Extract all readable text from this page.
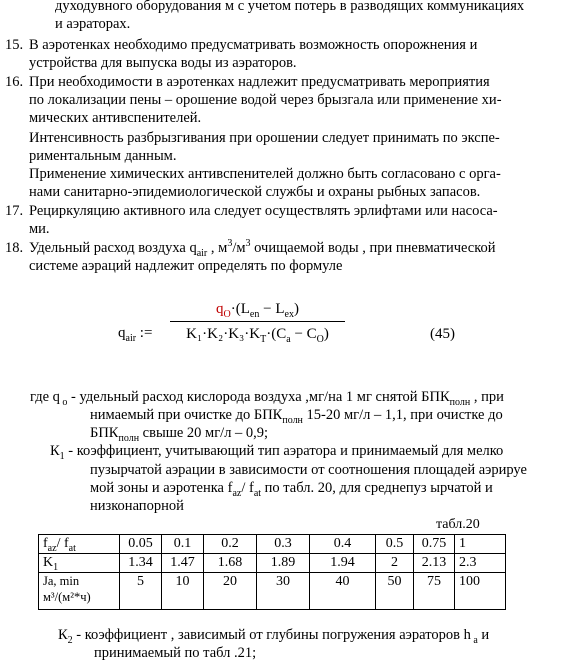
духодувного оборудования м с учетом потерь в разводящих коммуникациях
и аэраторах.
15. В аэротенках необходимо предусматривать возможность опорожнения и
устройства для выпуска воды из аэраторов.
16. При необходимости в аэротенках надлежит предусматривать мероприятия
по локализации пены – орошение водой через брызгала или применение хи-
мических антивспенителей.
Интенсивность разбрызгивания при орошении следует принимать по экспе-
риментальным данным.
Применение химических антивспенителей должно быть согласовано с орга-
нами санитарно-эпидемиологической службы и охраны рыбных запасов.
17. Рециркуляцию активного ила следует осуществлять эрлифтами или насоса-
ми.
18. Удельный расход воздуха $q_{air}$ , $м^3/м^3$ очищаемой воды , при пневматической
системе аэраций надлежит определять по формуле
$q_{air}$ :=
$q_O\cdot(L_{en} - L_{ex})$
$K_1\cdot K_2\cdot K_3\cdot K_T\cdot(C_a - C_O)$	(45)
где q $_о$ - удельный расход кислорода воздуха ,мг/на 1 мг снятой $БПК_{полн}$ , при
нимаемый при очистке до $БПК_{полн}$ 15-20 мг/л – 1,1, при очистке до
$БПК_{полн}$ свыше 20 мг/л – 0,9;
$К_1$ - коэффициент, учитывающий тип аэратора и принимаемый для мелко
пузырчатой аэрации в зависимости от соотношения площадей аэрируе
мой зоны и аэротенка $f_{az}/$ $f_{at}$ по табл. 20, для среднепуз ырчатой и
низконапорной
табл.20
$f_{az}/$ $f_{at}$	0.05	0.1	0.2	0.3	0.4	0.5	0.75	1
$K_1$	1.34	1.47	1.68	1.89	1.94	2	2.13	2.3

Ja, min
м³/(м²*ч)	5	10	20	30	40	50	75	100
$К_2$ - коэффициент , зависимый от глубины погружения аэраторов h $_а$ и
принимаемый по табл .21;
